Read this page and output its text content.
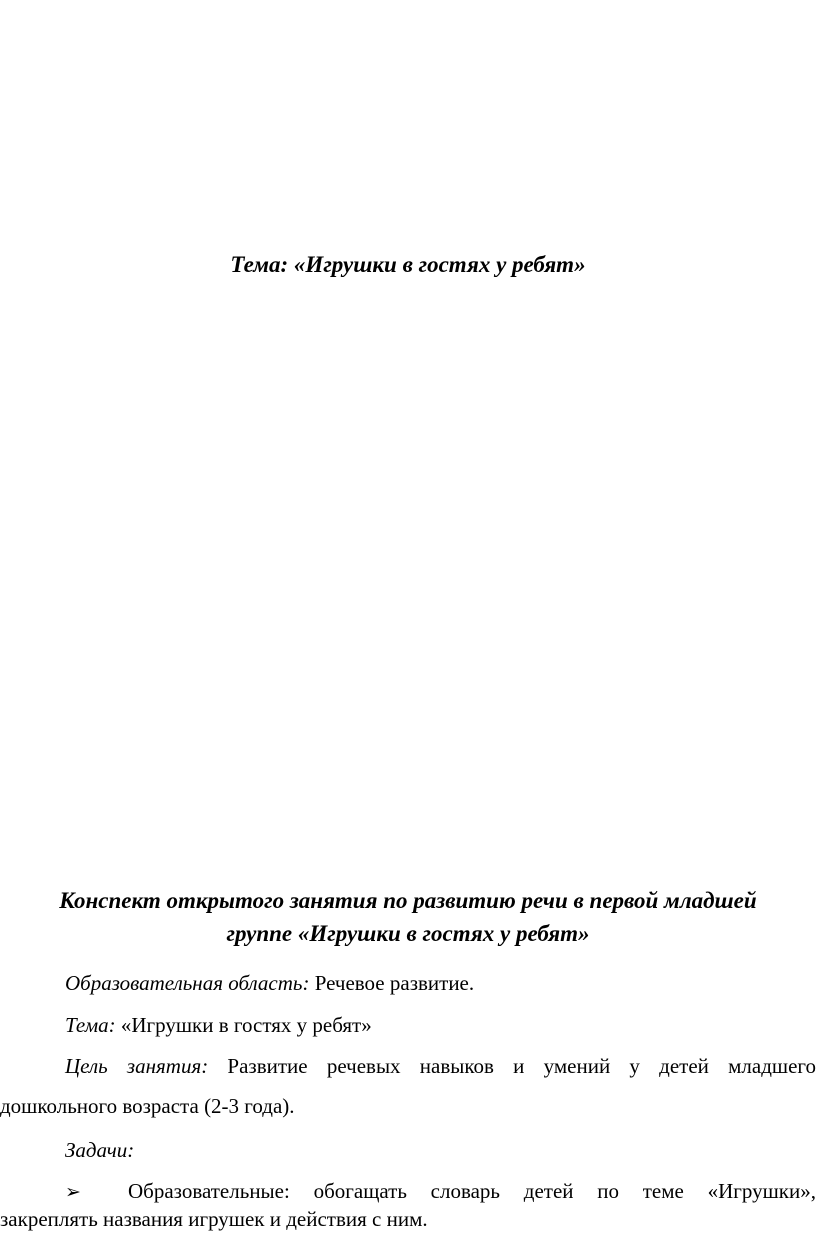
Тема: «Игрушки в гостях у ребят»
Конспект открытого занятия по развитию речи в первой младшей
группе «Игрушки в гостях у ребят»
Образовательная область: Речевое развитие.
Тема: «Игрушки в гостях у ребят»
Цель занятия: Развитие речевых навыков и умений у детей младшего
дошкольного возраста (2-3 года).
Задачи:
➢ Образовательные: обогащать словарь детей по теме «Игрушки»,
закреплять названия игрушек и действия с ним.
